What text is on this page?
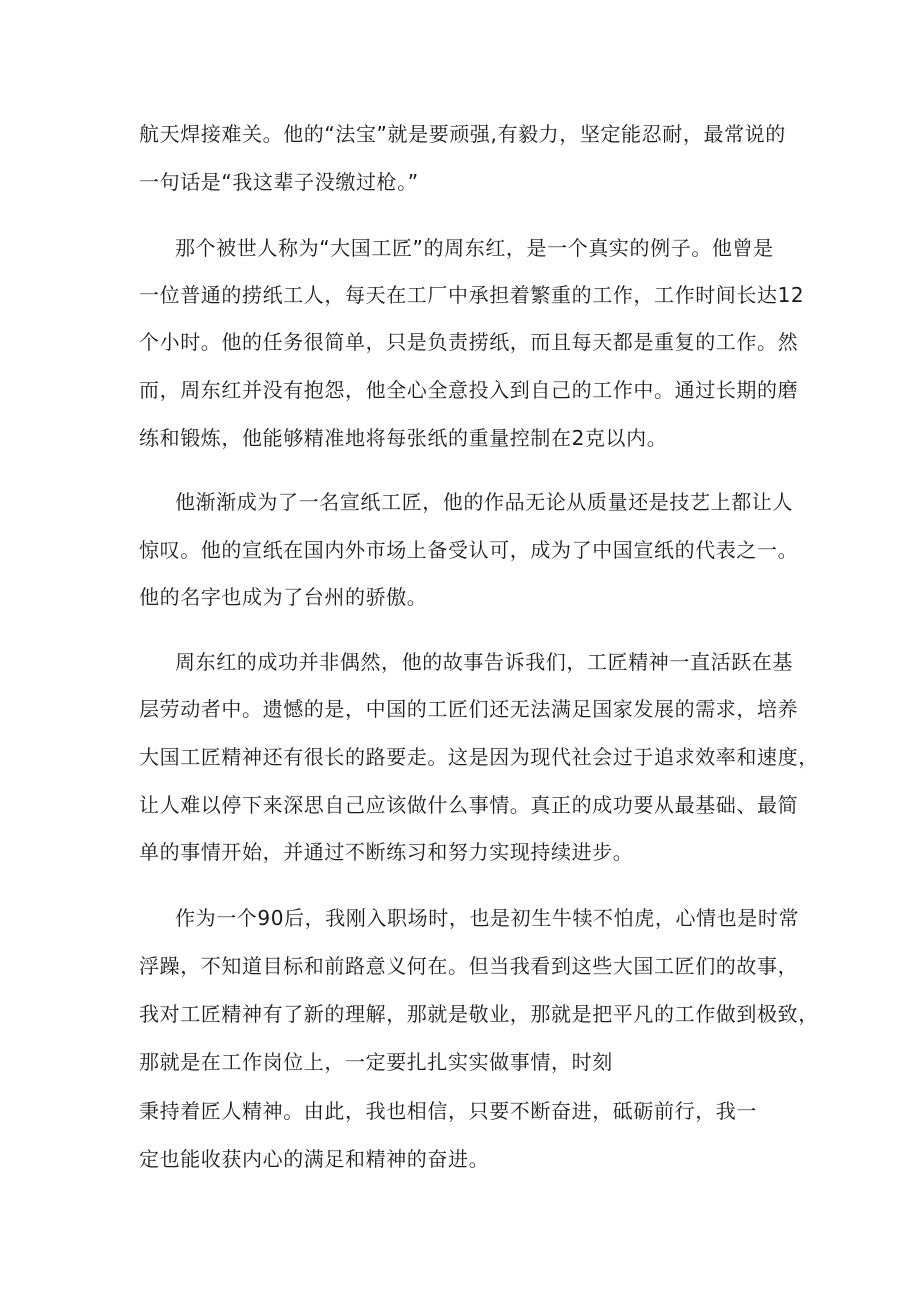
航天焊接难关。他的“法宝”就是要顽强,有毅力，坚定能忍耐，最常说的
一句话是“我这辈子没缴过枪。”
那个被世人称为“大国工匠”的周东红，是一个真实的例子。他曾是
一位普通的捞纸工人，每天在工厂中承担着繁重的工作，工作时间长达12
个小时。他的任务很简单，只是负责捞纸，而且每天都是重复的工作。然
而，周东红并没有抱怨，他全心全意投入到自己的工作中。通过长期的磨
练和锻炼，他能够精准地将每张纸的重量控制在2克以内。
他渐渐成为了一名宣纸工匠，他的作品无论从质量还是技艺上都让人
惊叹。他的宣纸在国内外市场上备受认可，成为了中国宣纸的代表之一。
他的名字也成为了台州的骄傲。
周东红的成功并非偶然，他的故事告诉我们，工匠精神一直活跃在基
层劳动者中。遗憾的是，中国的工匠们还无法满足国家发展的需求，培养
大国工匠精神还有很长的路要走。这是因为现代社会过于追求效率和速度，
让人难以停下来深思自己应该做什么事情。真正的成功要从最基础、最简
单的事情开始，并通过不断练习和努力实现持续进步。
作为一个90后，我刚入职场时，也是初生牛犊不怕虎，心情也是时常
浮躁，不知道目标和前路意义何在。但当我看到这些大国工匠们的故事，
我对工匠精神有了新的理解，那就是敬业，那就是把平凡的工作做到极致，
那就是在工作岗位上，一定要扎扎实实做事情，时刻
秉持着匠人精神。由此，我也相信，只要不断奋进，砥砺前行，我一
定也能收获内心的满足和精神的奋进。
